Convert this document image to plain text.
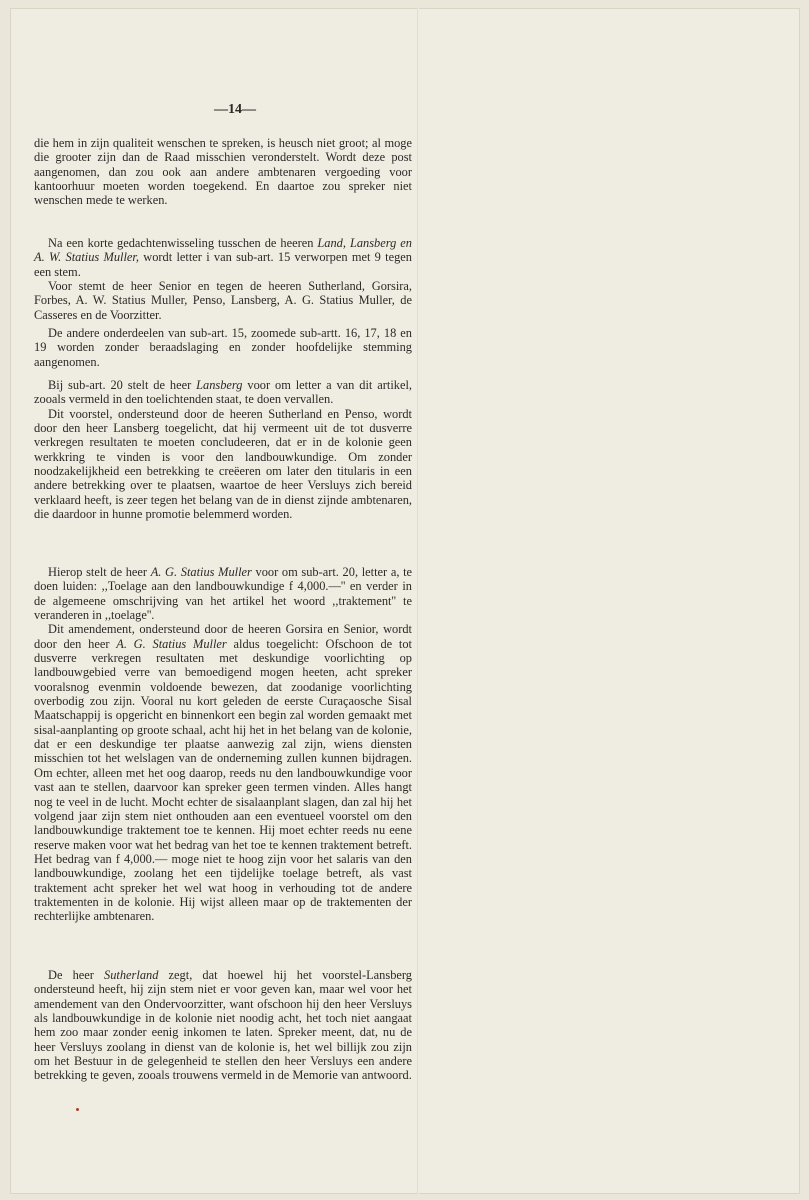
—14—

die hem in zijn qualiteit wenschen te spreken, is heusch niet groot; al moge die grooter zijn dan de Raad misschien veronderstelt. Wordt deze post aangenomen, dan zou ook aan andere ambtenaren vergoeding voor kantoorhuur moeten worden toegekend. En daartoe zou spreker niet wenschen mede te werken.

Na een korte gedachtenwisseling tusschen de heeren Land, Lansberg en A. W. Statius Muller, wordt letter i van sub-art. 15 verworpen met 9 tegen een stem.

Voor stemt de heer Senior en tegen de heeren Sutherland, Gorsira, Forbes, A. W. Statius Muller, Penso, Lansberg, A. G. Statius Muller, de Casseres en de Voorzitter.

De andere onderdeelen van sub-art. 15, zoomede sub-artt. 16, 17, 18 en 19 worden zonder beraadslaging en zonder hoofdelijke stemming aangenomen.

Bij sub-art. 20 stelt de heer Lansberg voor om letter a van dit artikel, zooals vermeld in den toelichtenden staat, te doen vervallen.

Dit voorstel, ondersteund door de heeren Sutherland en Penso, wordt door den heer Lansberg toegelicht, dat hij vermeent uit de tot dusverre verkregen resultaten te moeten concludeeren, dat er in de kolonie geen werkkring te vinden is voor den landbouwkundige. Om zonder noodzakelijkheid een betrekking te creëeren om later den titularis in een andere betrekking over te plaatsen, waartoe de heer Versluys zich bereid verklaard heeft, is zeer tegen het belang van de in dienst zijnde ambtenaren, die daardoor in hunne promotie belemmerd worden.

Hierop stelt de heer A. G. Statius Muller voor om sub-art. 20, letter a, te doen luiden: ,,Toelage aan den landbouwkundige f 4,000.—'' en verder in de algemeene omschrijving van het artikel het woord ,,traktement'' te veranderen in ,,toelage''.

Dit amendement, ondersteund door de heeren Gorsira en Senior, wordt door den heer A. G. Statius Muller aldus toegelicht: Ofschoon de tot dusverre verkregen resultaten met deskundige voorlichting op landbouwgebied verre van bemoedigend mogen heeten, acht spreker vooralsnog evenmin voldoende bewezen, dat zoodanige voorlichting overbodig zou zijn. Vooral nu kort geleden de eerste Curaçaosche Sisal Maatschappij is opgericht en binnenkort een begin zal worden gemaakt met sisal-aanplanting op groote schaal, acht hij het in het belang van de kolonie, dat er een deskundige ter plaatse aanwezig zal zijn, wiens diensten misschien tot het welslagen van de onderneming zullen kunnen bijdragen. Om echter, alleen met het oog daarop, reeds nu den landbouwkundige voor vast aan te stellen, daarvoor kan spreker geen termen vinden. Alles hangt nog te veel in de lucht. Mocht echter de sisalaanplant slagen, dan zal hij het volgend jaar zijn stem niet onthouden aan een eventueel voorstel om den landbouwkundige traktement toe te kennen. Hij moet echter reeds nu eene reserve maken voor wat het bedrag van het toe te kennen traktement betreft. Het bedrag van f 4,000.— moge niet te hoog zijn voor het salaris van den landbouwkundige, zoolang het een tijdelijke toelage betreft, als vast traktement acht spreker het wel wat hoog in verhouding tot de andere traktementen in de kolonie. Hij wijst alleen maar op de traktementen der rechterlijke ambtenaren.

De heer Sutherland zegt, dat hoewel hij het voorstel-Lansberg ondersteund heeft, hij zijn stem niet er voor geven kan, maar wel voor het amendement van den Ondervoorzitter, want ofschoon hij den heer Versluys als landbouwkundige in de kolonie niet noodig acht, het toch niet aangaat hem zoo maar zonder eenig inkomen te laten. Spreker meent, dat, nu de heer Versluys zoolang in dienst van de kolonie is, het wel billijk zou zijn om het Bestuur in de gelegenheid te stellen den heer Versluys een andere betrekking te geven, zooals trouwens vermeld in de Memorie van antwoord.
